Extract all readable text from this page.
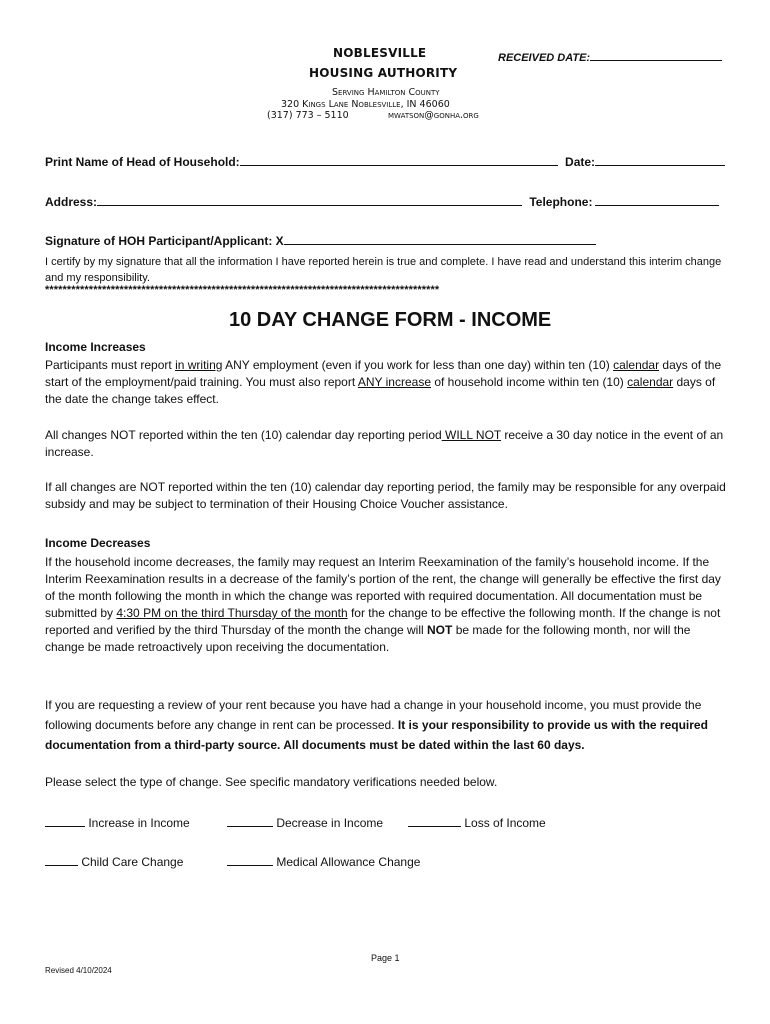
NOBLESVILLE
HOUSING AUTHORITY
Serving Hamilton County
320 Kings Lane Noblesville, IN 46060
(317) 773 – 5110	mwatson@gonha.org
RECEIVED DATE:
Print Name of Head of Household:	Date:
Address:	Telephone:
Signature of HOH Participant/Applicant: X
I certify by my signature that all the information I have reported herein is true and complete. I have read and understand this interim change and my responsibility.
******************************************************************************************
10 DAY CHANGE FORM - INCOME
Income Increases
Participants must report in writing ANY employment (even if you work for less than one day) within ten (10) calendar days of the start of the employment/paid training. You must also report ANY increase of household income within ten (10) calendar days of the date the change takes effect.
All changes NOT reported within the ten (10) calendar day reporting period WILL NOT receive a 30 day notice in the event of an increase.
If all changes are NOT reported within the ten (10) calendar day reporting period, the family may be responsible for any overpaid subsidy and may be subject to termination of their Housing Choice Voucher assistance.
Income Decreases
If the household income decreases, the family may request an Interim Reexamination of the family’s household income. If the Interim Reexamination results in a decrease of the family’s portion of the rent, the change will generally be effective the first day of the month following the month in which the change was reported with required documentation. All documentation must be submitted by 4:30 PM on the third Thursday of the month for the change to be effective the following month. If the change is not reported and verified by the third Thursday of the month the change will NOT be made for the following month, nor will the change be made retroactively upon receiving the documentation.
If you are requesting a review of your rent because you have had a change in your household income, you must provide the following documents before any change in rent can be processed. It is your responsibility to provide us with the required documentation from a third-party source. All documents must be dated within the last 60 days.
Please select the type of change. See specific mandatory verifications needed below.
Increase in Income	Decrease in Income	Loss of Income
Child Care Change	Medical Allowance Change
Page 1
Revised 4/10/2024
